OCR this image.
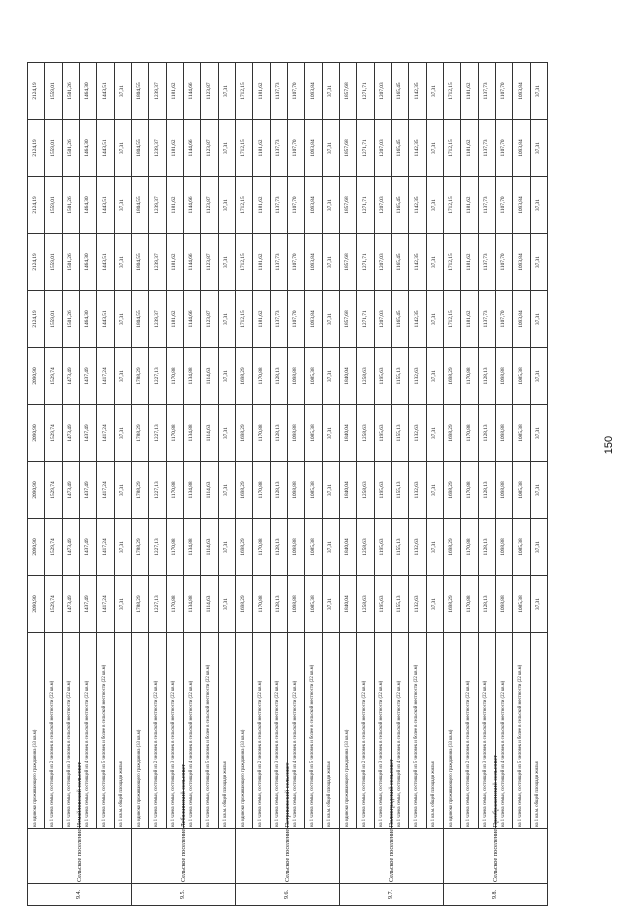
9.4.	Сельское поселение Измайловский сельсовет	на одиноко проживающего гражданина (33 кв.м)	2090,90	2090,90	2090,90	2090,90	2090,90	2124,19	2124,19	2124,19	2124,19	2124,19
		на 1 члена семьи, состоящей из 2 человек в сельской местности (22 кв.м)	1529,74	1529,74	1529,74	1529,74	1529,74	1559,01	1559,01	1559,01	1559,01	1559,01
		на 1 члена семьи, состоящей из 3 человек в сельской местности (22 кв.м)	1473,49	1473,49	1473,49	1473,49	1473,49	1501,26	1501,26	1501,26	1501,26	1501,26
		на 1 члена семьи, состоящей из 4 человек в сельской местности (22 кв.м)	1437,49	1437,49	1437,49	1437,49	1437,49	1464,30	1464,30	1464,30	1464,30	1464,30
		на 1 члена семьи, состоящей из 5 человек и более в сельской местности (22 кв.м)	1417,24	1417,24	1417,24	1417,24	1417,24	1443,51	1443,51	1443,51	1443,51	1443,51
		на 1 кв.м. общей площади жилья	37,31	37,31	37,31	37,31	37,31	37,31	37,31	37,31	37,31	37,31
9.5.	Сельское поселение Лебяжинский сельсовет	на одиноко проживающего гражданина (33 кв.м)	1788,29	1788,29	1788,29	1788,29	1788,29	1804,55	1804,55	1804,55	1804,55	1804,55
		на 1 члена семьи, состоящей из 2 человек в сельской местности (22 кв.м)	1227,13	1227,13	1227,13	1227,13	1227,13	1239,37	1239,37	1239,37	1239,37	1239,37
		на 1 члена семьи, состоящей из 3 человек в сельской местности (22 кв.м)	1170,88	1170,88	1170,88	1170,88	1170,88	1181,62	1181,62	1181,62	1181,62	1181,62
		на 1 члена семьи, состоящей из 4 человек в сельской местности (22 кв.м)	1134,88	1134,88	1134,88	1134,88	1134,88	1144,66	1144,66	1144,66	1144,66	1144,66
		на 1 члена семьи, состоящей из 5 человек и более в сельской местности (22 кв.м)	1114,63	1114,63	1114,63	1114,63	1114,63	1123,87	1123,87	1123,87	1123,87	1123,87
		на 1 кв.м. общей площади жилья	37,31	37,31	37,31	37,31	37,31	37,31	37,31	37,31	37,31	37,31
9.6.	Сельское поселение Петриковский сельсовет	на одиноко проживающего гражданина (33 кв.м)	1698,29	1698,29	1698,29	1698,29	1698,29	1712,15	1712,15	1712,15	1712,15	1712,15
		на 1 члена семьи, состоящей из 2 человек в сельской местности (22 кв.м)	1170,88	1170,88	1170,88	1170,88	1170,88	1181,62	1181,62	1181,62	1181,62	1181,62
		на 1 члена семьи, состоящей из 3 человек в сельской местности (22 кв.м)	1128,13	1128,13	1128,13	1128,13	1128,13	1137,73	1137,73	1137,73	1137,73	1137,73
		на 1 члена семьи, состоящей из 4 человек в сельской местности (22 кв.м)	1098,88	1098,88	1098,88	1098,88	1098,88	1107,70	1107,70	1107,70	1107,70	1107,70
		на 1 члена семьи, состоящей из 5 человек и более в сельской местности (22 кв.м)	1085,38	1085,38	1085,38	1085,38	1085,38	1093,84	1093,84	1093,84	1093,84	1093,84
		на 1 кв.м. общей площади жилья	37,31	37,31	37,31	37,31	37,31	37,31	37,31	37,31	37,31	37,31
9.7.	Сельское поселение Полноградский сельсовет	на одиноко проживающего гражданина (33 кв.м)	1840,04	1840,04	1840,04	1840,04	1840,04	1857,68	1857,68	1857,68	1857,68	1857,68
		на 1 члена семьи, состоящей из 2 человек в сельской местности (22 кв.м)	1258,63	1258,63	1258,63	1258,63	1258,63	1271,71	1271,71	1271,71	1271,71	1271,71
		на 1 члена семьи, состоящей из 3 человек в сельской местности (22 кв.м)	1195,63	1195,63	1195,63	1195,63	1195,63	1207,03	1207,03	1207,03	1207,03	1207,03
		на 1 члена семьи, состоящей из 4 человек в сельской местности (22 кв.м)	1155,13	1155,13	1155,13	1155,13	1155,13	1165,45	1165,45	1165,45	1165,45	1165,45
		на 1 члена семьи, состоящей из 5 человек и более в сельской местности (22 кв.м)	1132,63	1132,63	1132,63	1132,63	1132,63	1142,35	1142,35	1142,35	1142,35	1142,35
		на 1 кв.м. общей площади жилья	37,31	37,31	37,31	37,31	37,31	37,31	37,31	37,31	37,31	37,31
9.8.	Сельское поселение Преображенский сельсовет	на одиноко проживающего гражданина (33 кв.м)	1698,29	1698,29	1698,29	1698,29	1698,29	1712,15	1712,15	1712,15	1712,15	1712,15
		на 1 члена семьи, состоящей из 2 человек в сельской местности (22 кв.м)	1170,88	1170,88	1170,88	1170,88	1170,88	1181,62	1181,62	1181,62	1181,62	1181,62
		на 1 члена семьи, состоящей из 3 человек в сельской местности (22 кв.м)	1128,13	1128,13	1128,13	1128,13	1128,13	1137,73	1137,73	1137,73	1137,73	1137,73
		на 1 члена семьи, состоящей из 4 человек в сельской местности (22 кв.м)	1098,88	1098,88	1098,88	1098,88	1098,88	1107,70	1107,70	1107,70	1107,70	1107,70
		на 1 члена семьи, состоящей из 5 человек и более в сельской местности (22 кв.м)	1085,38	1085,38	1085,38	1085,38	1085,38	1093,84	1093,84	1093,84	1093,84	1093,84
		на 1 кв.м. общей площади жилья	37,31	37,31	37,31	37,31	37,31	37,31	37,31	37,31	37,31	37,31
150
